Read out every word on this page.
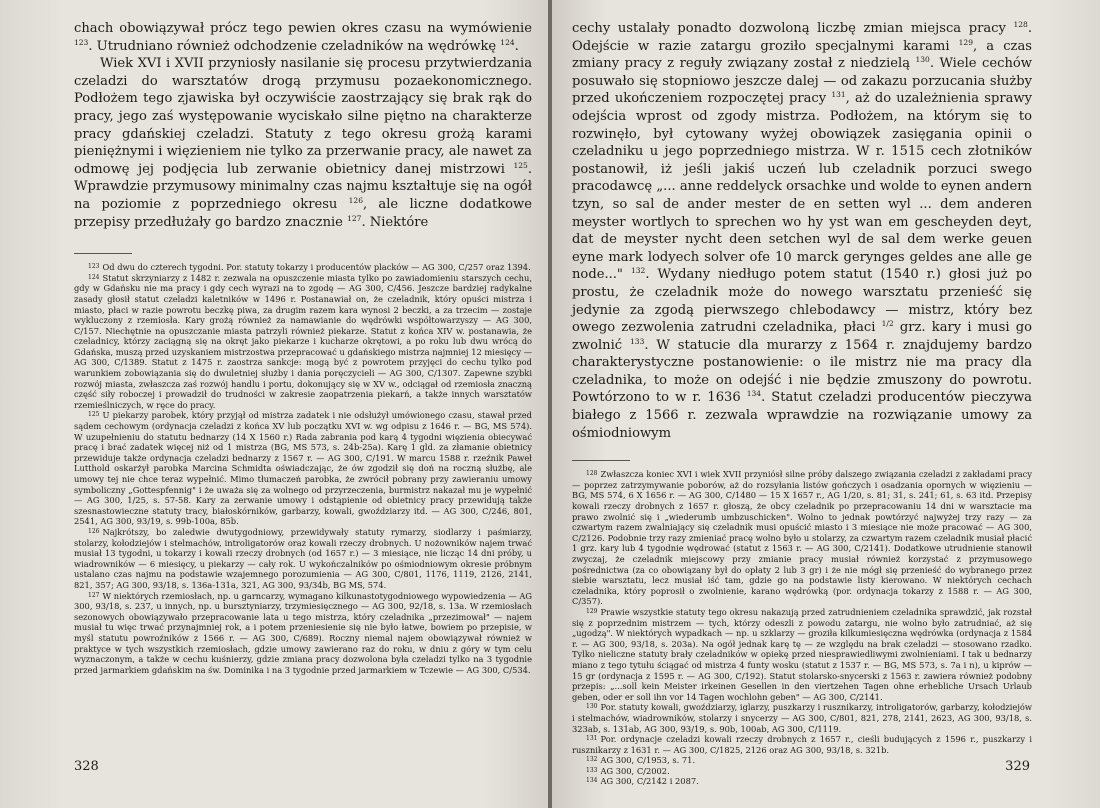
chach obowiązywał prócz tego pewien okres czasu na wymówienie $^{123}$. Utrudniano również odchodzenie czeladników na wędrówkę $^{124}$.

Wiek XVI i XVII przyniosły nasilanie się procesu przytwierdzania czeladzi do warsztatów drogą przymusu pozaekonomicznego. Podłożem tego zjawiska był oczywiście zaostrzający się brak rąk do pracy, jego zaś występowanie wyciskało silne piętno na charakterze pracy gdańskiej czeladzi. Statuty z tego okresu grożą karami pieniężnymi i więzieniem nie tylko za przerwanie pracy, ale nawet za odmowę jej podjęcia lub zerwanie obietnicy danej mistrzowi $^{125}$. Wprawdzie przymusowy minimalny czas najmu kształtuje się na ogół na poziomie z poprzedniego okresu $^{126}$, ale liczne dodatkowe przepisy przedłużały go bardzo znacznie $^{127}$. Niektóre

$^{123}$ Od dwu do czterech tygodni. Por. statuty tokarzy i producentów placków — AG 300, C/257 oraz 1394.

$^{124}$ Statut skrzyniarzy z 1482 r. zezwala na opuszczenie miasta tylko po zawiadomieniu starszych cechu, gdy w Gdańsku nie ma pracy i gdy cech wyrazi na to zgodę — AG 300, C/456. Jeszcze bardziej radykalne zasady głosił statut czeladzi kaletników w 1496 r. Postanawiał on, że czeladnik, który opuści mistrza i miasto, płaci w razie powrotu beczkę piwa, za drugim razem kara wynosi 2 beczki, a za trzecim — zostaje wykluczony z rzemiosła. Kary grożą również za namawianie do wędrówki współtowarzyszy — AG 300, C/157. Niechętnie na opuszczanie miasta patrzyli również piekarze. Statut z końca XIV w. postanawia, że czeladnicy, którzy zaciągną się na okręt jako piekarze i kucharze okrętowi, a po roku lub dwu wrócą do Gdańska, muszą przed uzyskaniem mistrzostwa przepracować u gdańskiego mistrza najmniej 12 miesięcy — AG 300, C/1389. Statut z 1475 r. zaostrza sankcje: mogą być z powrotem przyjęci do cechu tylko pod warunkiem zobowiązania się do dwuletniej służby i dania poręczycieli — AG 300, C/1307. Zapewne szybki rozwój miasta, zwłaszcza zaś rozwój handlu i portu, dokonujący się w XV w., odciągał od rzemiosła znaczną część siły roboczej i prowadził do trudności w zakresie zaopatrzenia piekarń, a także innych warsztatów rzemieślniczych, w ręce do pracy.

$^{125}$ U piekarzy parobek, który przyjął od mistrza zadatek i nie odsłużył umówionego czasu, stawał przed sądem cechowym (ordynacja czeladzi z końca XV lub początku XVI w. wg odpisu z 1646 r. — BG, MS 574). W uzupełnieniu do statutu bednarzy (14 X 1560 r.) Rada zabrania pod karą 4 tygodni więzienia obiecywać pracę i brać zadatek więcej niż od 1 mistrza (BG, MS 573, s. 24b-25a). Karę 1 gld. za złamanie obietnicy przewiduje także ordynacja czeladzi bednarzy z 1567 r. — AG 300, C/191. W marcu 1588 r. rzeźnik Paweł Lutthold oskarżył parobka Marcina Schmidta oświadczając, że ów zgodził się doń na roczną służbę, ale umowy tej nie chce teraz wypełnić. Mimo tłumaczeń parobka, że zwrócił pobrany przy zawieraniu umowy symboliczny „Gottespfennig" i że uważa się za wolnego od przyrzeczenia, burmistrz nakazał mu je wypełnić — AG 300, 1/25, s. 57-58. Kary za zerwanie umowy i odstąpienie od obietnicy pracy przewidują także szesnastowieczne statuty tracy, białoskórników, garbarzy, kowali, gwoździarzy itd. — AG 300, C/246, 801, 2541, AG 300, 93/19, s. 99b-100a, 85b.

$^{126}$ Najkrótszy, bo zaledwie dwutygodniowy, przewidywały statuty rymarzy, siodlarzy i paśmiarzy, stolarzy, kołodziejów i stelmachów, introligatorów oraz kowali rzeczy drobnych. U nożowników najem trwać musiał 13 tygodni, u tokarzy i kowali rzeczy drobnych (od 1657 r.) — 3 miesiące, nie licząc 14 dni próby, u wiadrowników — 6 miesięcy, u piekarzy — cały rok. U wykończalników po ośmiodniowym okresie próbnym ustalano czas najmu na podstawie wzajemnego porozumienia — AG 300, C/801, 1176, 1119, 2126, 2141, 821, 357; AG 300, 93/18, s. 136a-131a, 321, AG 300, 93/34b, BG MS, 574.

$^{127}$ W niektórych rzemiosłach, np. u garncarzy, wymagano kilkunastotygodniowego wypowiedzenia — AG 300, 93/18, s. 237, u innych, np. u bursztyniarzy, trzymiesięcznego — AG 300, 92/18, s. 13a. W rzemiosłach sezonowych obowiązywało przepracowanie lata u tego mistrza, który czeladnika „przezimował" — najem musiał tu więc trwać przynajmniej rok, a i potem przeniesienie się nie było łatwe, bowiem po przepisie, w myśl statutu powroźników z 1566 r. — AG 300, C/689). Roczny niemal najem obowiązywał również w praktyce w tych wszystkich rzemiosłach, gdzie umowy zawierano raz do roku, w dniu z góry w tym celu wyznaczonym, a także w cechu kuśnierzy, gdzie zmiana pracy dozwolona była czeladzi tylko na 3 tygodnie przed jarmarkiem gdańskim na św. Dominika i na 3 tygodnie przed jarmarkiem w Tczewie — AG 300, C/534.

328

cechy ustalały ponadto dozwoloną liczbę zmian miejsca pracy $^{128}$. Odejście w razie zatargu groziło specjalnymi karami $^{129}$, a czas zmiany pracy z reguły związany został z niedzielą $^{130}$. Wiele cechów posuwało się stopniowo jeszcze dalej — od zakazu porzucania służby przed ukończeniem rozpoczętej pracy $^{131}$, aż do uzależnienia sprawy odejścia wprost od zgody mistrza. Podłożem, na którym się to rozwinęło, był cytowany wyżej obowiązek zasięgania opinii o czeladniku u jego poprzedniego mistrza. W r. 1515 cech złotników postanowił, iż jeśli jakiś uczeń lub czeladnik porzuci swego pracodawcę „... anne reddelyck orsachke und wolde to eynen andern tzyn, so sal de ander mester de en setten wyl ... dem anderen meyster wortlych to sprechen wo hy yst wan em gescheyden deyt, dat de meyster nycht deen setchen wyl de sal dem werke geuen eyne mark lodyech solver ofe 10 marck gerynges geldes ane alle ge node..." $^{132}$. Wydany niedługo potem statut (1540 r.) głosi już po prostu, że czeladnik może do nowego warsztatu przenieść się jedynie za zgodą pierwszego chlebodawcy — mistrz, który bez owego zezwolenia zatrudni czeladnika, płaci $^{1/2}$ grz. kary i musi go zwolnić $^{133}$. W statucie dla murarzy z 1564 r. znajdujemy bardzo charakterystyczne postanowienie: o ile mistrz nie ma pracy dla czeladnika, to może on odejść i nie będzie zmuszony do powrotu. Powtórzono to w r. 1636 $^{134}$. Statut czeladzi producentów pieczywa białego z 1566 r. zezwala wprawdzie na rozwiązanie umowy za ośmiodniowym

$^{128}$ Zwłaszcza koniec XVI i wiek XVII przyniósł silne próby dalszego związania czeladzi z zakładami pracy — poprzez zatrzymywanie poborów, aż do rozsyłania listów gończych i osadzania opornych w więzieniu — BG, MS 574, 6 X 1656 r. — AG 300, C/1480 — 15 X 1657 r., AG 1/20, s. 81; 31, s. 241; 61, s. 63 itd. Przepisy kowali rzeczy drobnych z 1657 r. głoszą, że obcy czeladnik po przepracowaniu 14 dni w warsztacie ma prawo zwolnić się i „wiederumb umbzuschicken". Wolno to jednak powtórzyć najwyżej trzy razy — za czwartym razem zwalniający się czeladnik musi opuścić miasto i 3 miesiące nie może pracować — AG 300, C/2126. Podobnie trzy razy zmieniać pracę wolno było u stolarzy, za czwartym razem czeladnik musiał płacić 1 grz. kary lub 4 tygodnie wędrować (statut z 1563 r. — AG 300, C/2141). Dodatkowe utrudnienie stanowił zwyczaj, że czeladnik miejscowy przy zmianie pracy musiał również korzystać z przymusowego pośrednictwa (za co obowiązany był do opłaty 2 lub 3 gr) i że nie mógł się przenieść do wybranego przez siebie warsztatu, lecz musiał iść tam, gdzie go na podstawie listy kierowano. W niektórych cechach czeladnika, który poprosił o zwolnienie, karano wędrówką (por. ordynacja tokarzy z 1588 r. — AG 300, C/357).

$^{129}$ Prawie wszystkie statuty tego okresu nakazują przed zatrudnieniem czeladnika sprawdzić, jak rozstał się z poprzednim mistrzem — tych, którzy odeszli z powodu zatargu, nie wolno było zatrudniać, aż się „ugodzą". W niektórych wypadkach — np. u szklarzy — groziła kilkumiesięczna wędrówka (ordynacja z 1584 r. — AG 300, 93/18, s. 203a). Na ogół jednak karę tę — ze względu na brak czeladzi — stosowano rzadko. Tylko nieliczne statuty brały czeladników w opiekę przed niesprawiedliwymi zwolnieniami. I tak u bednarzy miano z tego tytułu ściągać od mistrza 4 funty wosku (statut z 1537 r. — BG, MS 573, s. 7a i n), u kiprów — 15 gr (ordynacja z 1595 r. — AG 300, C/192). Statut stolarsko-snycerski z 1563 r. zawiera również podobny przepis: „...soll kein Meister irkeinen Gesellen in den viertzehen Tagen ohne erhebliche Ursach Urlaub geben, oder er soll ihn vor 14 Tagen wochlohn geben" — AG 300, C/2141.

$^{130}$ Por. statuty kowali, gwoździarzy, iglarzy, puszkarzy i rusznikarzy, introligatorów, garbarzy, kołodziejów i stelmachów, wiadrowników, stolarzy i snycerzy — AG 300, C/801, 821, 278, 2141, 2623, AG 300, 93/18, s. 323ab, s. 131ab, AG 300, 93/19, s. 90b, 100ab, AG 300, C/1119.

$^{131}$ Por. ordynacje czeladzi kowali rzeczy drobnych z 1657 r., cieśli budujących z 1596 r., puszkarzy i rusznikarzy z 1631 r. — AG 300, C/1825, 2126 oraz AG 300, 93/18, s. 321b.

$^{132}$ AG 300, C/1953, s. 71.

$^{133}$ AG 300, C/2002.

$^{134}$ AG 300, C/2142 i 2087.

329
